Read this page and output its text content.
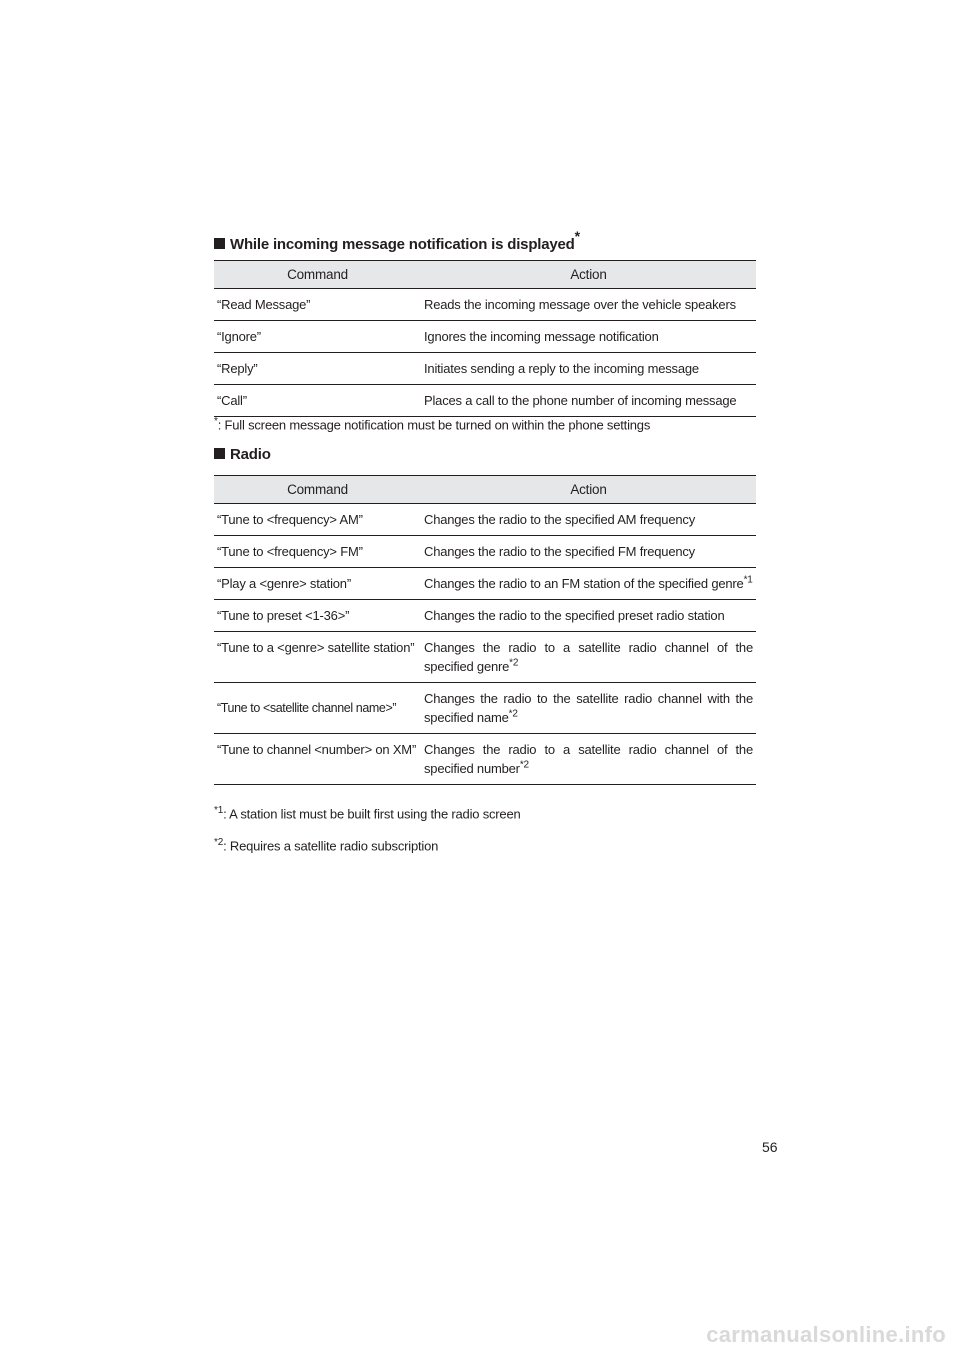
While incoming message notification is displayed*
Command	Action
“Read Message”	Reads the incoming message over the vehicle speakers
“Ignore”	Ignores the incoming message notification
“Reply”	Initiates sending a reply to the incoming message
“Call”	Places a call to the phone number of incoming message
*: Full screen message notification must be turned on within the phone settings
Radio
Command	Action
“Tune to <frequency> AM”	Changes the radio to the specified AM frequency
“Tune to <frequency> FM”	Changes the radio to the specified FM frequency
“Play a <genre> station”	Changes the radio to an FM station of the specified genre$^{*1}$
“Tune to preset <1-36>”	Changes the radio to the specified preset radio station
“Tune to a <genre> satellite station”	Changes the radio to a satellite radio channel of the specified genre$^{*2}$
“Tune to <satellite channel name>”	Changes the radio to the satellite radio channel with the specified name$^{*2}$
“Tune to channel <number> on XM”	Changes the radio to a satellite radio channel of the specified number$^{*2}$
$^{*1}$: A station list must be built first using the radio screen
$^{*2}$: Requires a satellite radio subscription
56
carmanualsonline.info
